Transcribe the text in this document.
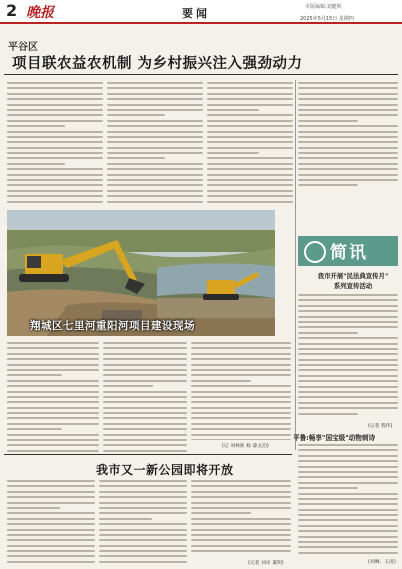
2 晚报	要闻	本版编辑:刘健辉
2025年5月15日 星期四
平谷区
项目联农益农机制 为乡村振兴注入强劲动力
翔城区七里河重阳河项目建设现场
(记 刘林新 杨 漆文泊)
简讯
我市开展"民法典宣传月"
系列宣传活动
(记者 程伟)
平鲁:畅享"国宝级"动物刺诗
(刘琳、玉清)
我市又一新公园即将开放
(记者 刘卓 董明)
